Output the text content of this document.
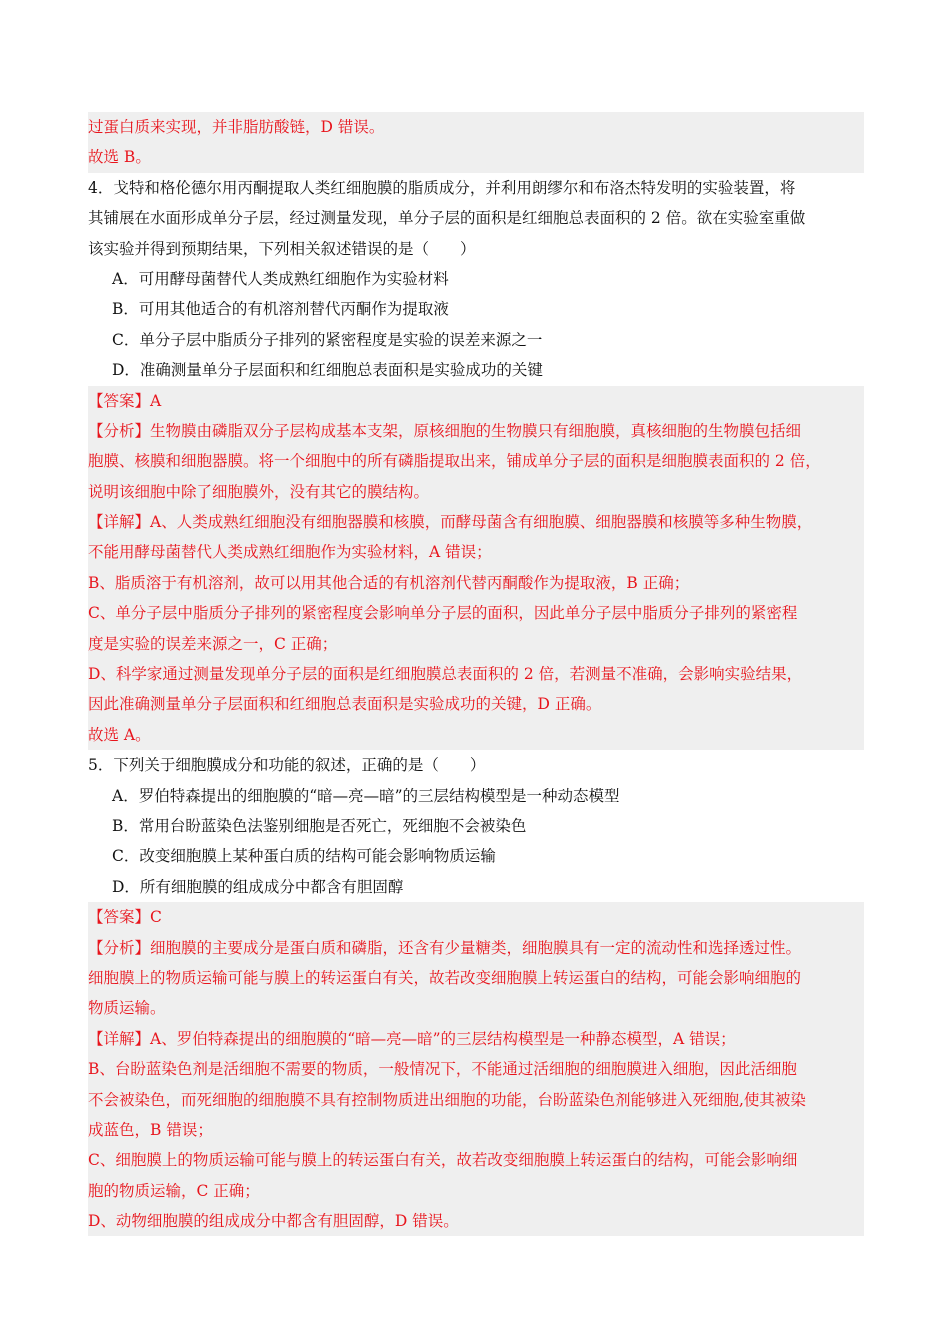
过蛋白质来实现，并非脂肪酸链，D 错误。
故选 B。
4．戈特和格伦德尔用丙酮提取人类红细胞膜的脂质成分，并利用朗缪尔和布洛杰特发明的实验装置，将
其铺展在水面形成单分子层，经过测量发现，单分子层的面积是红细胞总表面积的 2 倍。欲在实验室重做
该实验并得到预期结果，下列相关叙述错误的是（　　）
A．可用酵母菌替代人类成熟红细胞作为实验材料
B．可用其他适合的有机溶剂替代丙酮作为提取液
C．单分子层中脂质分子排列的紧密程度是实验的误差来源之一
D．准确测量单分子层面积和红细胞总表面积是实验成功的关键
【答案】A
【分析】生物膜由磷脂双分子层构成基本支架，原核细胞的生物膜只有细胞膜，真核细胞的生物膜包括细
胞膜、核膜和细胞器膜。将一个细胞中的所有磷脂提取出来，铺成单分子层的面积是细胞膜表面积的 2 倍，
说明该细胞中除了细胞膜外，没有其它的膜结构。
【详解】A、人类成熟红细胞没有细胞器膜和核膜，而酵母菌含有细胞膜、细胞器膜和核膜等多种生物膜，
不能用酵母菌替代人类成熟红细胞作为实验材料，A 错误；
B、脂质溶于有机溶剂，故可以用其他合适的有机溶剂代替丙酮酸作为提取液，B 正确；
C、单分子层中脂质分子排列的紧密程度会影响单分子层的面积，因此单分子层中脂质分子排列的紧密程
度是实验的误差来源之一，C 正确；
D、科学家通过测量发现单分子层的面积是红细胞膜总表面积的 2 倍，若测量不准确，会影响实验结果，
因此准确测量单分子层面积和红细胞总表面积是实验成功的关键，D 正确。
故选 A。
5．下列关于细胞膜成分和功能的叙述，正确的是（　　）
A．罗伯特森提出的细胞膜的“暗—亮—暗”的三层结构模型是一种动态模型
B．常用台盼蓝染色法鉴别细胞是否死亡，死细胞不会被染色
C．改变细胞膜上某种蛋白质的结构可能会影响物质运输
D．所有细胞膜的组成成分中都含有胆固醇
【答案】C
【分析】细胞膜的主要成分是蛋白质和磷脂，还含有少量糖类，细胞膜具有一定的流动性和选择透过性。
细胞膜上的物质运输可能与膜上的转运蛋白有关，故若改变细胞膜上转运蛋白的结构，可能会影响细胞的
物质运输。
【详解】A、罗伯特森提出的细胞膜的“暗—亮—暗”的三层结构模型是一种静态模型，A 错误；
B、台盼蓝染色剂是活细胞不需要的物质，一般情况下，不能通过活细胞的细胞膜进入细胞，因此活细胞
不会被染色，而死细胞的细胞膜不具有控制物质进出细胞的功能，台盼蓝染色剂能够进入死细胞,使其被染
成蓝色，B 错误；
C、细胞膜上的物质运输可能与膜上的转运蛋白有关，故若改变细胞膜上转运蛋白的结构，可能会影响细
胞的物质运输，C 正确；
D、动物细胞膜的组成成分中都含有胆固醇，D 错误。
